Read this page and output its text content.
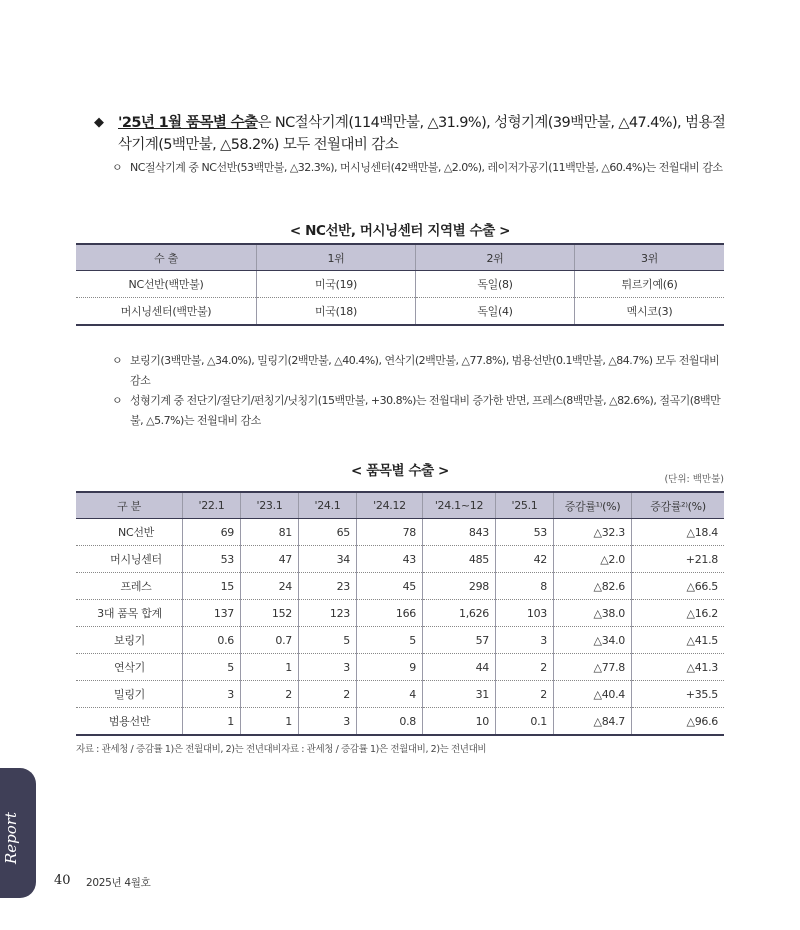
◆	'25년 1월 품목별 수출은 NC절삭기계(114백만불, △31.9%), 성형기계(39백만불, △47.4%), 범용절삭기계(5백만불, △58.2%) 모두 전월대비 감소
ㅇ NC절삭기계 중 NC선반(53백만불, △32.3%), 머시닝센터(42백만불, △2.0%), 레이저가공기(11백만불, △60.4%)는 전월대비 감소
< NC선반, 머시닝센터 지역별 수출 >
수 출	1위	2위	3위
NC선반(백만불)	미국(19)	독일(8)	튀르키예(6)
머시닝센터(백만불)	미국(18)	독일(4)	멕시코(3)
ㅇ 보링기(3백만불, △34.0%), 밀링기(2백만불, △40.4%), 연삭기(2백만불, △77.8%), 범용선반(0.1백만불, △84.7%) 모두 전월대비 감소
ㅇ 성형기계 중 전단기/절단기/펀칭기/닛칭기(15백만불, +30.8%)는 전월대비 증가한 반면, 프레스(8백만불, △82.6%), 절곡기(8백만불, △5.7%)는 전월대비 감소
< 품목별 수출 >
(단위: 백만불)
구 분	'22.1	'23.1	'24.1	'24.12	'24.1~12	'25.1	증감률¹⁾(%)	증감률²⁾(%)
NC선반	69	81	65	78	843	53	△32.3	△18.4
머시닝센터	53	47	34	43	485	42	△2.0	+21.8
프레스	15	24	23	45	298	8	△82.6	△66.5
3대 품목 합계	137	152	123	166	1,626	103	△38.0	△16.2
보링기	0.6	0.7	5	5	57	3	△34.0	△41.5
연삭기	5	1	3	9	44	2	△77.8	△41.3
밀링기	3	2	2	4	31	2	△40.4	+35.5
범용선반	1	1	3	0.8	10	0.1	△84.7	△96.6
자료 : 관세청 / 증감률 1)은 전월대비, 2)는 전년대비자료 : 관세청 / 증감률 1)은 전월대비, 2)는 전년대비
Report
40 2025년 4월호
